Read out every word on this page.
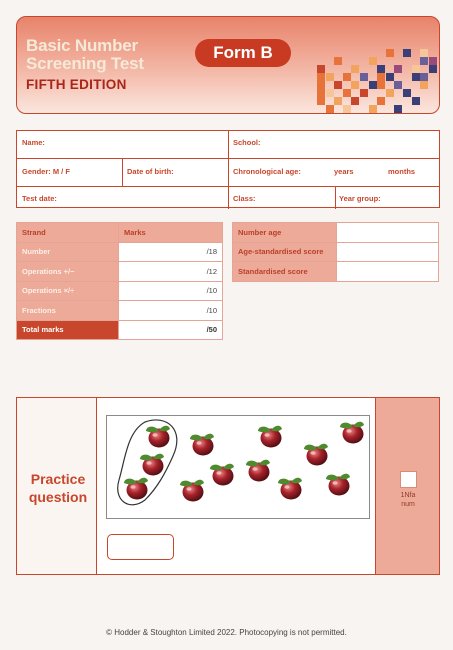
Basic Number
Screening Test
FIFTH EDITION
Form B
Name:	School:
Gender: M / F	Date of birth:	Chronological age:	years	months
Test date:	Class:	Year group:
Strand	Marks
Number	/18
Operations +/−	/12
Operations ×/÷	/10
Fractions	/10
Total marks	/50
Number age	
Age-standardised score	
Standardised score	
Practice
question	1Nfa
num
© Hodder & Stoughton Limited 2022. Photocopying is not permitted.
